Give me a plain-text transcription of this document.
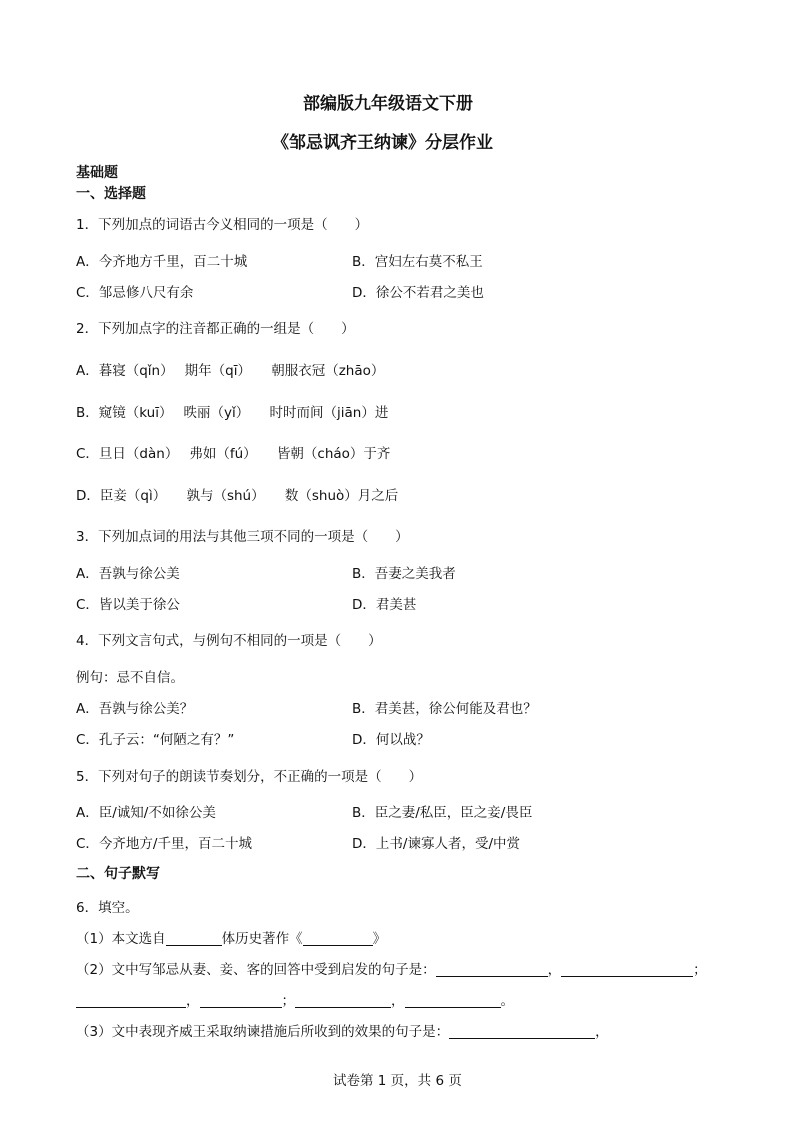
部编版九年级语文下册
《邹忌讽齐王纳谏》分层作业
基础题
一、选择题
1．下列加点的词语古今义相同的一项是（　　）
A．今齐地方千里，百二十城	B．宫妇左右莫不私王
C．邹忌修八尺有余	D．徐公不若君之美也
2．下列加点字的注音都正确的一组是（　　）
A．暮寝（qǐn）　 期年（qī）　　朝服衣冠（zhāo）
B．窥镜（kuī）　 昳丽（yǐ）　　时时而间（jiān）进
C．旦日（dàn）　 弗如（fú）　　皆朝（cháo）于齐
D．臣妾（qì）　　孰与（shú）　　数（shuò）月之后
3．下列加点词的用法与其他三项不同的一项是（　　）
A．吾孰与徐公美	B．吾妻之美我者
C．皆以美于徐公	D．君美甚
4．下列文言句式，与例句不相同的一项是（　　）
例句：忌不自信。
A．吾孰与徐公美？	B．君美甚，徐公何能及君也？
C．孔子云：“何陋之有？”	D．何以战？
5．下列对句子的朗读节奏划分，不正确的一项是（　　）
A．臣/诚知/不如徐公美	B．臣之妻/私臣，臣之妾/畏臣
C．今齐地方/千里，百二十城	D．上书/谏寡人者，受/中赏
二、句子默写
6．填空。
（1）本文选自	体历史著作《	》
（2）文中写邹忌从妻、妾、客的回答中受到启发的句子是：	，	；
，	；	，	。
（3）文中表现齐威王采取纳谏措施后所收到的效果的句子是：	，
试卷第 1 页，共 6 页
